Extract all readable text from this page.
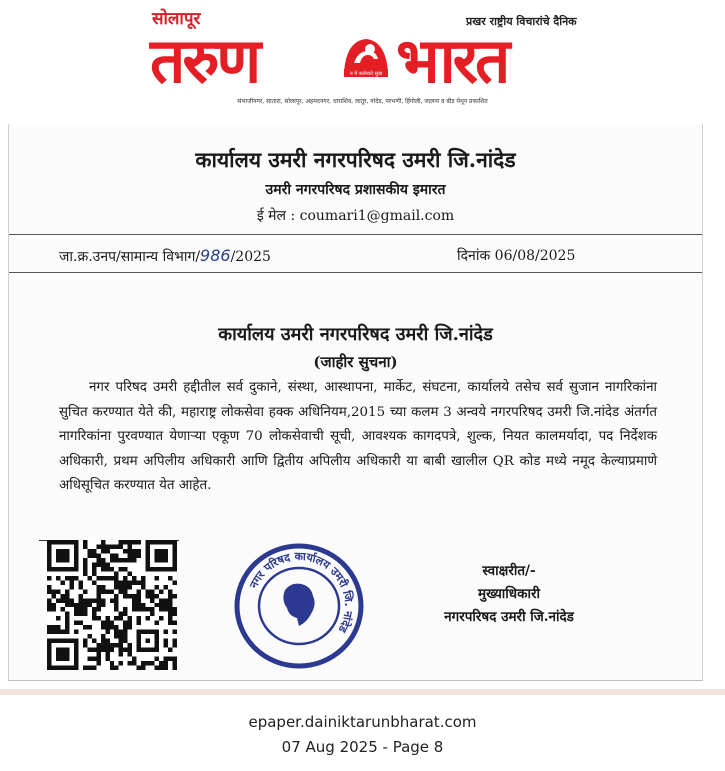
सोलापूर	प्रखर राष्ट्रीय विचारांचे दैनिक
तरुण	न मे कर्तव्यते सुख भारत
संभाजीनगर, सातारा, सोलापूर, अहमदनगर, धाराशिव, लातूर, नांदेड, परभणी, हिंगोली, जालना व बीड येथून प्रकाशित
कार्यालय उमरी नगरपरिषद उमरी जि.नांदेड
उमरी नगरपरिषद प्रशासकीय इमारत
ई मेल : coumari1@gmail.com
जा.क्र.उनप/सामान्य विभाग/986/2025	दिनांक 06/08/2025
कार्यालय उमरी नगरपरिषद उमरी जि.नांदेड
(जाहीर सुचना)

नगर परिषद उमरी हद्दीतील सर्व दुकाने, संस्था, आस्थापना, मार्केट, संघटना, कार्यालये तसेच सर्व सुजान नागरिकांना सुचित करण्यात येते की, महाराष्ट्र लोकसेवा हक्क अधिनियम,2015 च्या कलम 3 अन्वये नगरपरिषद उमरी जि.नांदेड अंतर्गत नागरिकांना पुरवण्यात येणाऱ्या एकूण 70 लोकसेवाची सूची, आवश्यक कागदपत्रे, शुल्क, नियत कालमर्यादा, पद निर्देशक अधिकारी, प्रथम अपिलीय अधिकारी आणि द्वितीय अपिलीय अधिकारी या बाबी खालील QR कोड मध्ये नमूद केल्याप्रमाणे अधिसूचित करण्यात येत आहेत.

नगर परिषद कार्यालय उमरी जि. नांदेड
स्वाक्षरीत/-
मुख्याधिकारी
नगरपरिषद उमरी जि.नांदेड
epaper.dainiktarunbharat.com
07 Aug 2025 - Page 8
